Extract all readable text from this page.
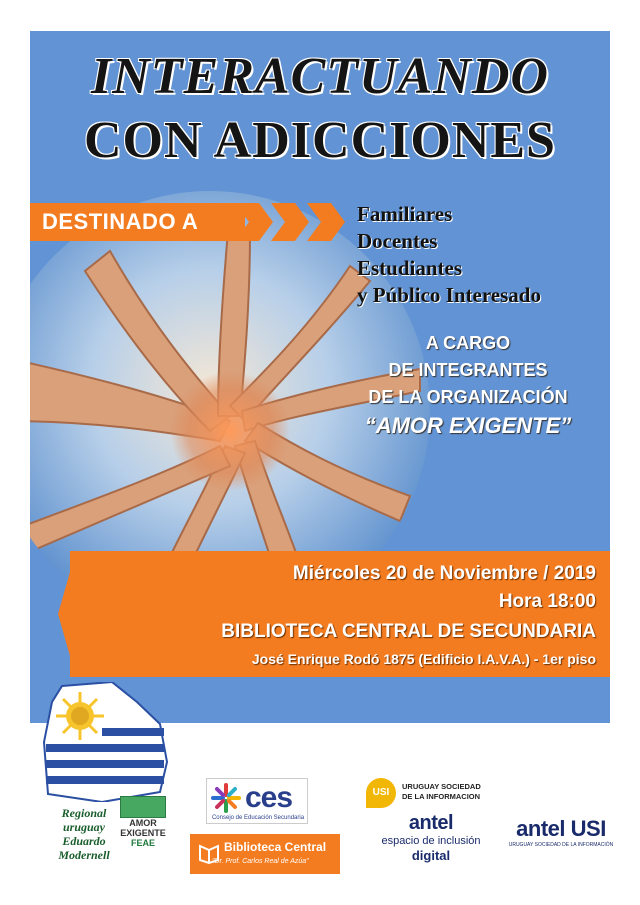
INTERACTUANDO
CON ADICCIONES
DESTINADO A	Familiares
Docentes
Estudiantes
y Público Interesado
A CARGO
DE INTEGRANTES
DE LA ORGANIZACIÓN
“AMOR EXIGENTE”
Miércoles 20 de Noviembre / 2019
Hora 18:00
BIBLIOTECA CENTRAL DE SECUNDARIA
José Enrique Rodó 1875 (Edificio I.A.V.A.) - 1er piso
Regional
uruguay
Eduardo
Modernell
AMOR
EXIGENTE
FEAE
ces
Consejo de Educación Secundaria
Biblioteca Central
"Dr. Prof. Carlos Real de Azúa"
USI
URUGUAY SOCIEDAD
DE LA INFORMACION
antel
espacio de inclusión
digital
antel USI
URUGUAY SOCIEDAD DE LA INFORMACIÓN
